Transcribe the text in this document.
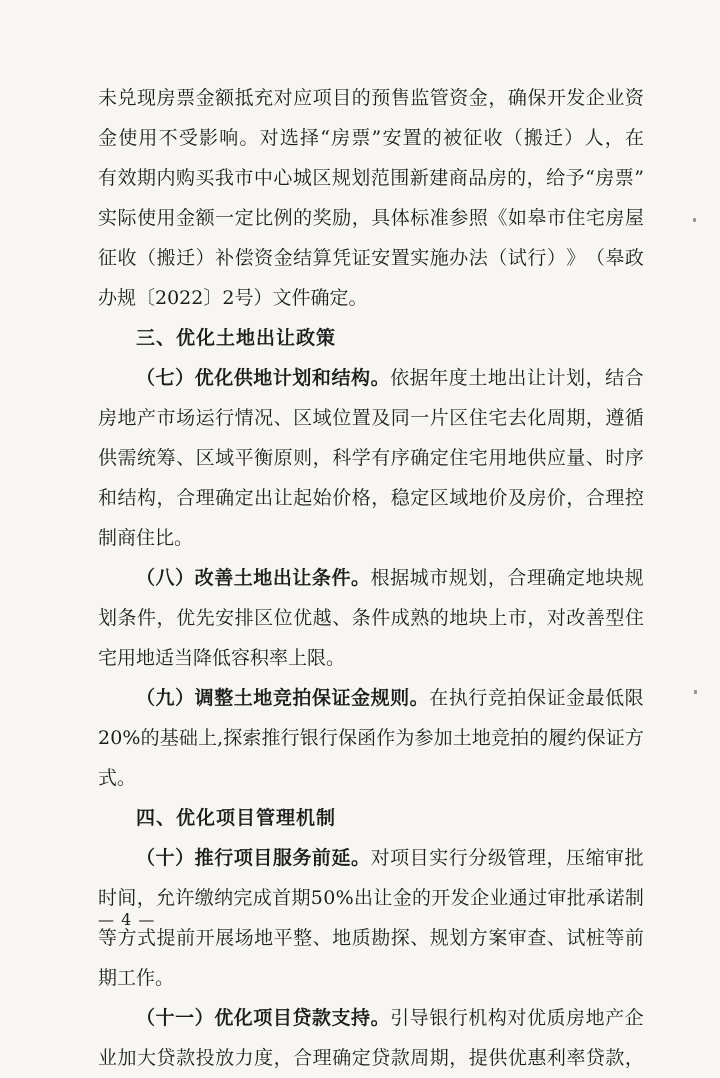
未 兑 现 房 票 金 额 抵 充 对 应 项 目 的 预 售 监 管 资 金 ， 确 保 开 发 企 业 资
金 使 用 不 受 影 响 。 对 选 择 “ 房 票 ” 安 置 的 被 征 收 （ 搬 迁 ） 人 ， 在
有 效 期 内 购 买 我 市 中 心 城 区 规 划 范 围 新 建 商 品 房 的 ， 给 予 “ 房 票 ”
实 际 使 用 金 额 一 定 比 例 的 奖 励 ， 具 体 标 准 参 照 《 如 皋 市 住 宅 房 屋
征 收 （ 搬 迁 ） 补 偿 资 金 结 算 凭 证 安 置 实 施 办 法 （ 试 行 ） 》 （ 皋 政
办规〔2022〕2号）文件确定。
三、优化土地出让政策
（ 七 ） 优 化 供 地 计 划 和 结 构 。 依 据 年 度 土 地 出 让 计 划 ， 结 合
房 地 产 市 场 运 行 情 况 、 区 域 位 置 及 同 一 片 区 住 宅 去 化 周 期 ， 遵 循
供 需 统 筹 、 区 域 平 衡 原 则 ， 科 学 有 序 确 定 住 宅 用 地 供 应 量 、 时 序
和 结 构 ， 合 理 确 定 出 让 起 始 价 格 ， 稳 定 区 域 地 价 及 房 价 ， 合 理 控
制商住比。
（ 八 ） 改 善 土 地 出 让 条 件 。 根 据 城 市 规 划 ， 合 理 确 定 地 块 规
划 条 件 ， 优 先 安 排 区 位 优 越 、 条 件 成 熟 的 地 块 上 市 ， 对 改 善 型 住
宅用地适当降低容积率上限。
（ 九 ） 调 整 土 地 竞 拍 保 证 金 规 则 。 在 执 行 竞 拍 保 证 金 最 低 限
2 0 % 的 基 础 上 , 探 索 推 行 银 行 保 函 作 为 参 加 土 地 竞 拍 的 履 约 保 证 方
式。
四、优化项目管理机制
（ 十 ） 推 行 项 目 服 务 前 延 。 对 项 目 实 行 分 级 管 理 ， 压 缩 审 批
时 间 ， 允 许 缴 纳 完 成 首 期 5 0 % 出 让 金 的 开 发 企 业 通 过 审 批 承 诺 制
等 方 式 提 前 开 展 场 地 平 整 、 地 质 勘 探 、 规 划 方 案 审 查 、 试 桩 等 前
期工作。
（ 十 一 ） 优 化 项 目 贷 款 支 持 。 引 导 银 行 机 构 对 优 质 房 地 产 企
业 加 大 贷 款 投 放 力 度 ， 合 理 确 定 贷 款 周 期 ， 提 供 优 惠 利 率 贷 款 ，
— 4 —
